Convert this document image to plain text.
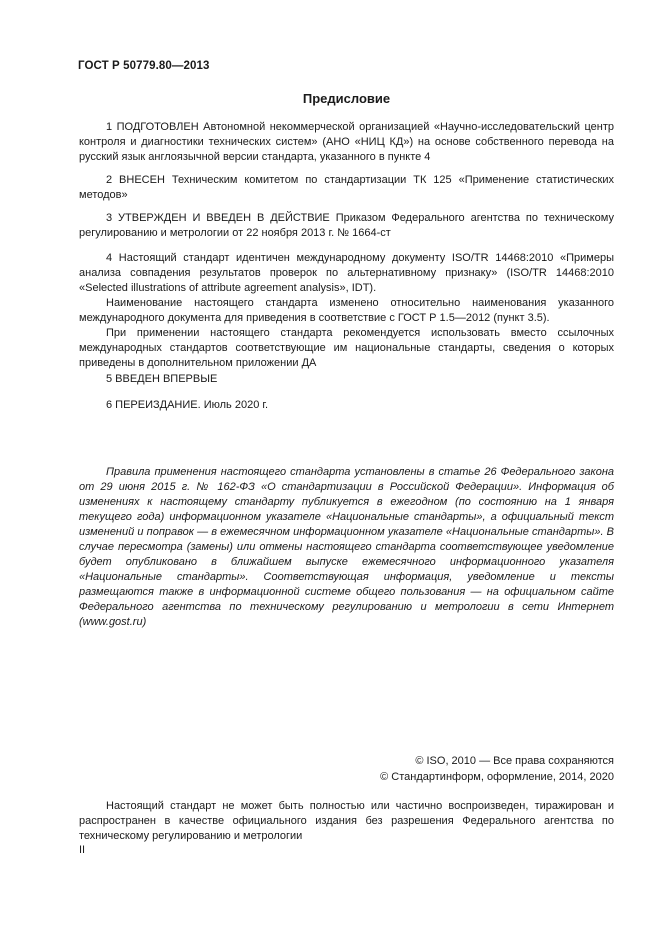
ГОСТ Р 50779.80—2013
Предисловие

1 ПОДГОТОВЛЕН Автономной некоммерческой организацией «Научно-исследовательский центр контроля и диагностики технических систем» (АНО «НИЦ КД») на основе собственного перевода на русский язык англоязычной версии стандарта, указанного в пункте 4

2 ВНЕСЕН Техническим комитетом по стандартизации ТК 125 «Применение статистических методов»

3 УТВЕРЖДЕН И ВВЕДЕН В ДЕЙСТВИЕ Приказом Федерального агентства по техническому регулированию и метрологии от 22 ноября 2013 г. № 1664-ст

4 Настоящий стандарт идентичен международному документу ISO/TR 14468:2010 «Примеры анализа совпадения результатов проверок по альтернативному признаку» (ISO/TR 14468:2010 «Selected illustrations of attribute agreement analysis», IDT).

Наименование настоящего стандарта изменено относительно наименования указанного международного документа для приведения в соответствие с ГОСТ Р 1.5—2012 (пункт 3.5).

При применении настоящего стандарта рекомендуется использовать вместо ссылочных международных стандартов соответствующие им национальные стандарты, сведения о которых приведены в дополнительном приложении ДА

5 ВВЕДЕН ВПЕРВЫЕ

6 ПЕРЕИЗДАНИЕ. Июль 2020 г.

Правила применения настоящего стандарта установлены в статье 26 Федерального закона от 29 июня 2015 г. № 162-ФЗ «О стандартизации в Российской Федерации». Информация об изменениях к настоящему стандарту публикуется в ежегодном (по состоянию на 1 января текущего года) информационном указателе «Национальные стандарты», а официальный текст изменений и поправок — в ежемесячном информационном указателе «Национальные стандарты». В случае пересмотра (замены) или отмены настоящего стандарта соответствующее уведомление будет опубликовано в ближайшем выпуске ежемесячного информационного указателя «Национальные стандарты». Соответствующая информация, уведомление и тексты размещаются также в информационной системе общего пользования — на официальном сайте Федерального агентства по техническому регулированию и метрологии в сети Интернет (www.gost.ru)

© ISO, 2010 — Все права сохраняются
© Стандартинформ, оформление, 2014, 2020

Настоящий стандарт не может быть полностью или частично воспроизведен, тиражирован и распространен в качестве официального издания без разрешения Федерального агентства по техническому регулированию и метрологии

II
